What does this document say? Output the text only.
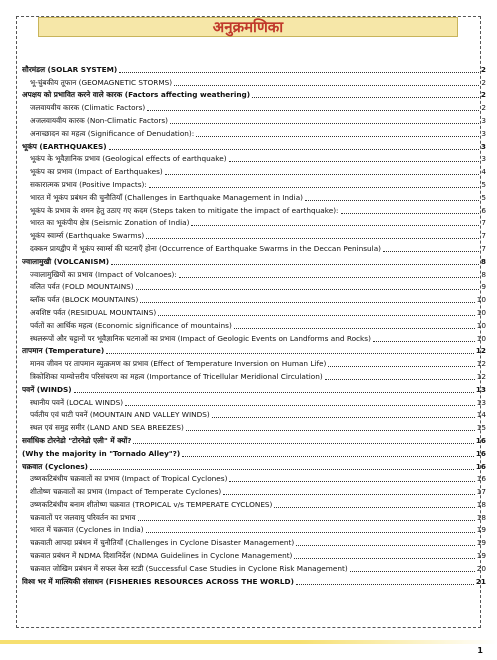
अनुक्रमणिका
सौरमंडल (SOLAR SYSTEM)	2
भू-चुंबकीय तूफान (GEOMAGNETIC STORMS)	2
अपक्षय को प्रभावित करने वाले कारक (Factors affecting weathering)	2
जलवायवीय कारक (Climatic Factors)	2
अजलवायवीय कारक (Non-Climatic Factors)	3
अनाच्छादन का महत्व (Significance of Denudation):	3
भूकंप (EARTHQUAKES)	3
भूकंप के भूवैज्ञानिक प्रभाव (Geological effects of earthquake)	3
भूकंप का प्रभाव (Impact of Earthquakes)	4
सकारात्मक प्रभाव (Positive Impacts):	5
भारत में भूकंप प्रबंधन की चुनौतियाँ (Challenges in Earthquake Management in India)	5
भूकंप के प्रभाव के शमन हेतु उठाए गए कदम (Steps taken to mitigate the impact of earthquake):	6
भारत का भूकंपीय क्षेत्र (Seismic Zonation of India)	7
भूकंप स्वार्म्स (Earthquake Swarms)	7
दक्कन प्रायद्वीप में भूकंप स्वार्म्स की घटनाएँ होना (Occurrence of Earthquake Swarms in the Deccan Peninsula)	7
ज्वालामुखी (VOLCANISM)	8
ज्वालामुखियों का प्रभाव (Impact of Volcanoes):	8
वलित पर्वत (FOLD MOUNTAINS)	9
ब्लॉक पर्वत (BLOCK MOUNTAINS)	10
अवशिष्ट पर्वत (RESIDUAL MOUNTAINS)	10
पर्वतों का आर्थिक महत्व (Economic significance of mountains)	10
स्थलरूपों और चट्टानों पर भूवैज्ञानिक घटनाओं का प्रभाव (Impact of Geologic Events on Landforms and Rocks)	10
तापमान (Temperature)	12
मानव जीवन पर तापमान व्युत्क्रमण का प्रभाव (Effect of Temperature Inversion on Human Life)	12
त्रिकोशिका याम्योत्तरीय परिसंचरण का महत्व (Importance of Tricellular Meridional Circulation)	12
पवनें (WINDS)	13
स्थानीय पवनें (LOCAL WINDS)	13
पर्वतीय एवं घाटी पवनें (MOUNTAIN AND VALLEY WINDS)	14
स्थल एवं समुद्र समीर (LAND AND SEA BREEZES)	15
सर्वाधिक टोरनेडो "टोरनेडो एली" में क्यों?	16
(Why the majority in "Tornado Alley"?)	16
चक्रवात (Cyclones)	16
उष्णकटिबंधीय चक्रवातों का प्रभाव (Impact of Tropical Cyclones)	16
शीतोष्ण चक्रवातों का प्रभाव (Impact of Temperate Cyclones)	17
उष्णकटिबंधीय बनाम शीतोष्ण चक्रवात (TROPICAL v/s TEMPERATE CYCLONES)	18
चक्रवातों पर जलवायु परिवर्तन का प्रभाव	18
भारत में चक्रवात (Cyclones in India)	19
चक्रवाती आपदा प्रबंधन में चुनौतियाँ (Challenges in Cyclone Disaster Management)	19
चक्रवात प्रबंधन में NDMA दिशानिर्देश (NDMA Guidelines in Cyclone Management)	19
चक्रवात जोखिम प्रबंधन में सफल केस स्टडी (Successful Case Studies in Cyclone Risk Management)	20
विश्व भर में मात्स्यिकी संसाधन (FISHERIES RESOURCES ACROSS THE WORLD)	21
1
